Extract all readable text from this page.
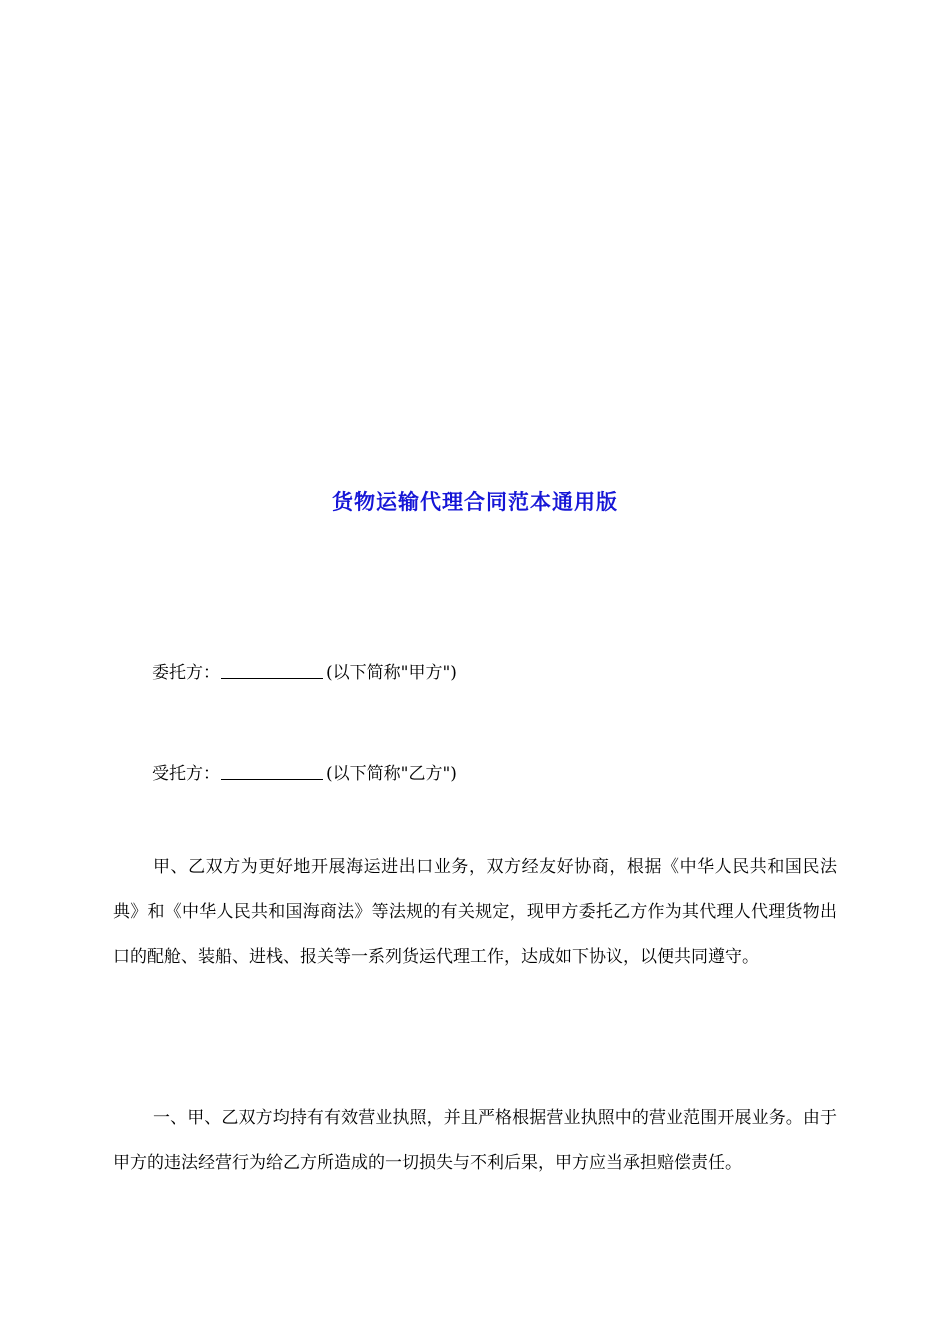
货物运输代理合同范本通用版
委托方：	(以下简称"甲方")
受托方：	(以下简称"乙方")

甲、乙双方为更好地开展海运进出口业务，双方经友好协商，根据《中华人民共和国民法典》和《中华人民共和国海商法》等法规的有关规定，现甲方委托乙方作为其代理人代理货物出口的配舱、装船、进栈、报关等一系列货运代理工作，达成如下协议，以便共同遵守。

一、甲、乙双方均持有有效营业执照，并且严格根据营业执照中的营业范围开展业务。由于甲方的违法经营行为给乙方所造成的一切损失与不利后果，甲方应当承担赔偿责任。
